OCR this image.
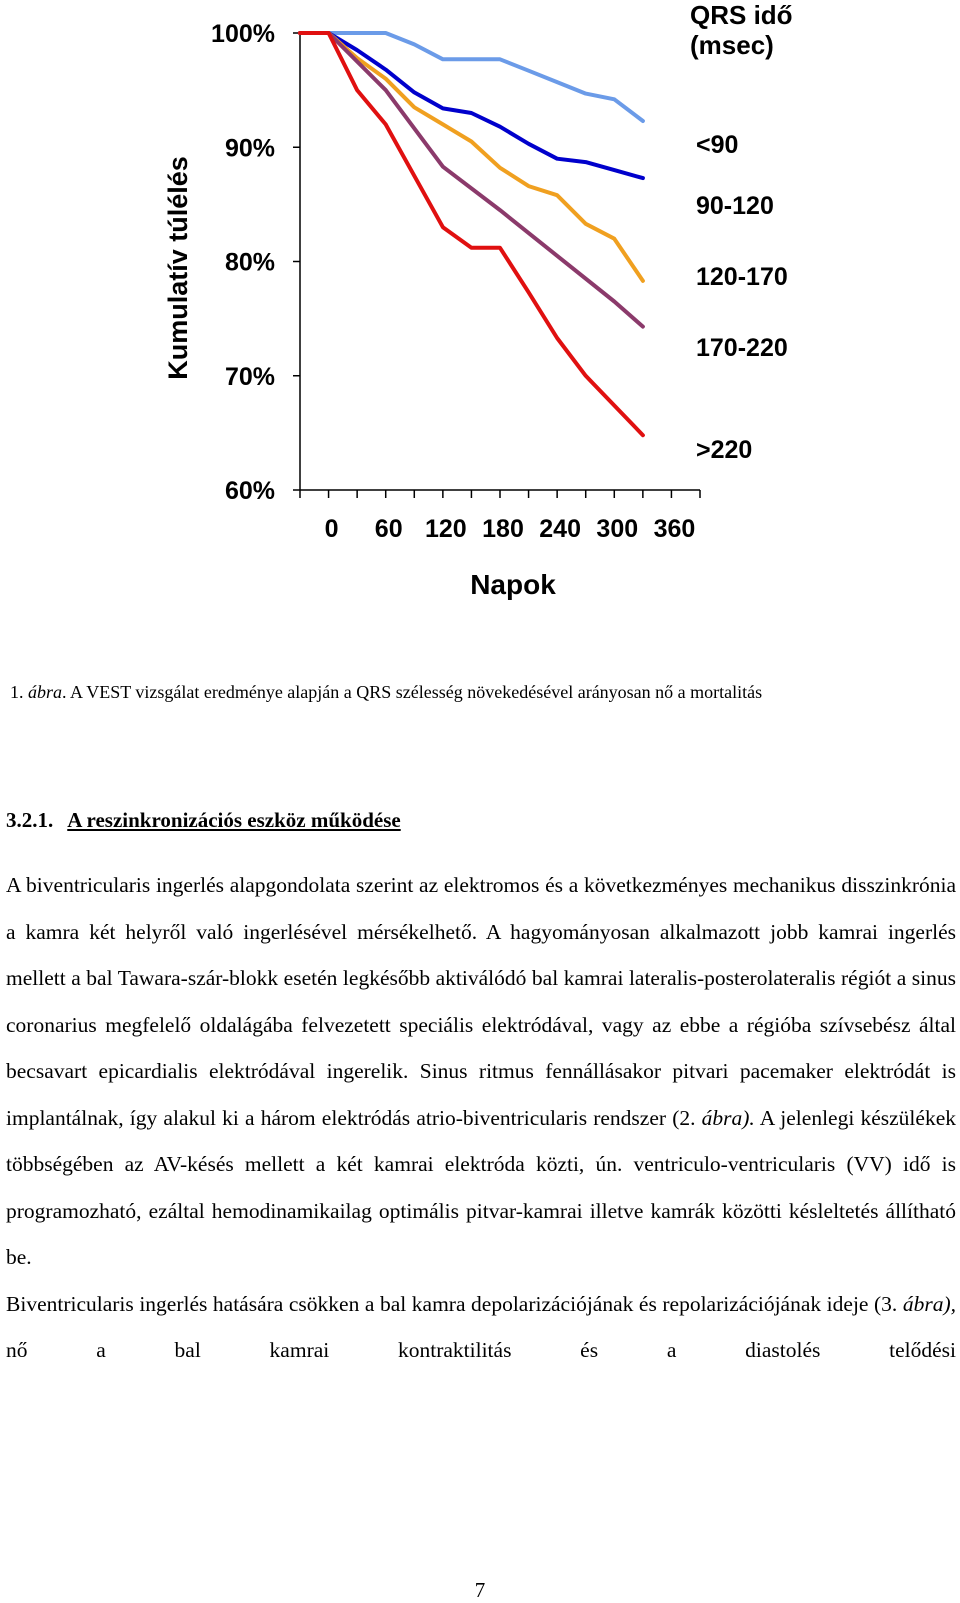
60%
70%
80%
90%
100%
0 60 120 180 240 300 360
<90
90-120
120-170
170-220
>220
Kumulatív túlélés
Napok
QRS idő
(msec)
1. ábra. A VEST vizsgálat eredménye alapján a QRS szélesség növekedésével arányosan nő a mortalitás
3.2.1. A reszinkronizációs eszköz működése

A biventricularis ingerlés alapgondolata szerint az elektromos és a következményes mechanikus disszinkrónia a kamra két helyről való ingerlésével mérsékelhető. A hagyományosan alkalmazott jobb kamrai ingerlés mellett a bal Tawara-szár-blokk esetén legkésőbb aktiválódó bal kamrai lateralis-posterolateralis régiót a sinus coronarius megfelelő oldalágába felvezetett speciális elektródával, vagy az ebbe a régióba szívsebész által becsavart epicardialis elektródával ingerelik. Sinus ritmus fennállásakor pitvari pacemaker elektródát is implantálnak, így alakul ki a három elektródás atrio-biventricularis rendszer (2. ábra). A jelenlegi készülékek többségében az AV-késés mellett a két kamrai elektróda közti, ún. ventriculo-ventricularis (VV) idő is programozható, ezáltal hemodinamikailag optimális pitvar-kamrai illetve kamrák közötti késleltetés állítható be.

Biventricularis ingerlés hatására csökken a bal kamra depolarizációjának és repolarizációjának ideje (3. ábra), nő a bal kamrai kontraktilitás és a diastolés telődési

7
